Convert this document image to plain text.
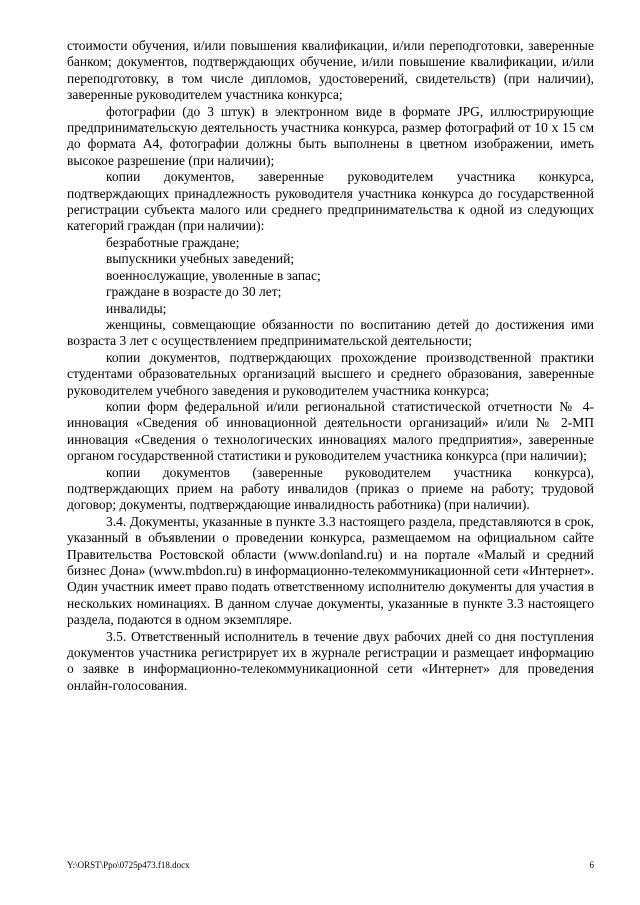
стоимости обучения, и/или повышения квалификации, и/или переподготовки, заверенные банком; документов, подтверждающих обучение, и/или повышение квалификации, и/или переподготовку, в том числе дипломов, удостоверений, свидетельств) (при наличии), заверенные руководителем участника конкурса;

фотографии (до 3 штук) в электронном виде в формате JPG, иллюстрирующие предпринимательскую деятельность участника конкурса, размер фотографий от 10 х 15 см до формата А4, фотографии должны быть выполнены в цветном изображении, иметь высокое разрешение (при наличии);

копии документов, заверенные руководителем участника конкурса, подтверждающих принадлежность руководителя участника конкурса до государственной регистрации субъекта малого или среднего предпринимательства к одной из следующих категорий граждан (при наличии):

безработные граждане;

выпускники учебных заведений;

военнослужащие, уволенные в запас;

граждане в возрасте до 30 лет;

инвалиды;

женщины, совмещающие обязанности по воспитанию детей до достижения ими возраста 3 лет с осуществлением предпринимательской деятельности;

копии документов, подтверждающих прохождение производственной практики студентами образовательных организаций высшего и среднего образования, заверенные руководителем учебного заведения и руководителем участника конкурса;

копии форм федеральной и/или региональной статистической отчетности № 4-инновация «Сведения об инновационной деятельности организаций» и/или № 2-МП инновация «Сведения о технологических инновациях малого предприятия», заверенные органом государственной статистики и руководителем участника конкурса (при наличии);

копии документов (заверенные руководителем участника конкурса), подтверждающих прием на работу инвалидов (приказ о приеме на работу; трудовой договор; документы, подтверждающие инвалидность работника) (при наличии).

3.4. Документы, указанные в пункте 3.3 настоящего раздела, представляются в срок, указанный в объявлении о проведении конкурса, размещаемом на официальном сайте Правительства Ростовской области (www.donland.ru) и на портале «Малый и средний бизнес Дона» (www.mbdon.ru) в информационно-телекоммуникационной сети «Интернет». Один участник имеет право подать ответственному исполнителю документы для участия в нескольких номинациях. В данном случае документы, указанные в пункте 3.3 настоящего раздела, подаются в одном экземпляре.

3.5. Ответственный исполнитель в течение двух рабочих дней со дня поступления документов участника регистрирует их в журнале регистрации и размещает информацию о заявке в информационно-телекоммуникационной сети «Интернет» для проведения онлайн-голосования.

Y:\ORST\Ppo\0725p473.f18.docx	6
